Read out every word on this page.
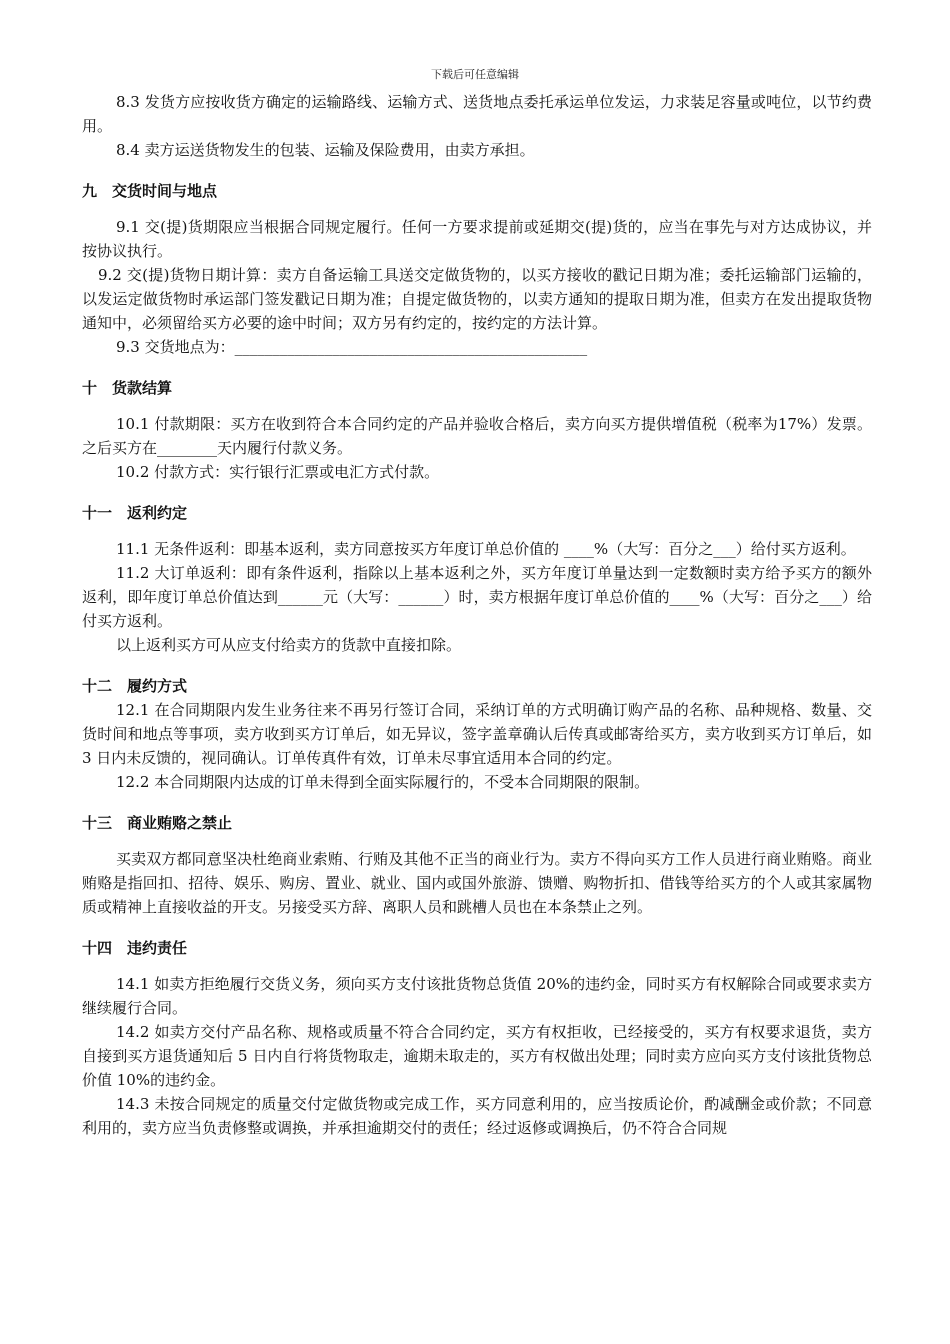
下载后可任意编辑

8.3 发货方应按收货方确定的运输路线、运输方式、送货地点委托承运单位发运，力求装足容量或吨位，以节约费用。

8.4 卖方运送货物发生的包装、运输及保险费用，由卖方承担。

九　交货时间与地点

9.1 交(提)货期限应当根据合同规定履行。任何一方要求提前或延期交(提)货的，应当在事先与对方达成协议，并按协议执行。

9.2 交(提)货物日期计算：卖方自备运输工具送交定做货物的，以买方接收的戳记日期为准；委托运输部门运输的，以发运定做货物时承运部门签发戳记日期为准；自提定做货物的，以卖方通知的提取日期为准，但卖方在发出提取货物通知中，必须留给买方必要的途中时间；双方另有约定的，按约定的方法计算。

9.3 交货地点为：_______________________________________________

十　货款结算

10.1 付款期限：买方在收到符合本合同约定的产品并验收合格后，卖方向买方提供增值税（税率为17%）发票。之后买方在________天内履行付款义务。

10.2 付款方式：实行银行汇票或电汇方式付款。

十一　返利约定

11.1 无条件返利：即基本返利，卖方同意按买方年度订单总价值的 ____%（大写：百分之___）给付买方返利。

11.2 大订单返利：即有条件返利，指除以上基本返利之外，买方年度订单量达到一定数额时卖方给予买方的额外返利，即年度订单总价值达到______元（大写：______）时，卖方根据年度订单总价值的____%（大写：百分之___）给付买方返利。

以上返利买方可从应支付给卖方的货款中直接扣除。

十二　履约方式

12.1 在合同期限内发生业务往来不再另行签订合同，采纳订单的方式明确订购产品的名称、品种规格、数量、交货时间和地点等事项，卖方收到买方订单后，如无异议，签字盖章确认后传真或邮寄给买方，卖方收到买方订单后，如 3 日内未反馈的，视同确认。订单传真件有效，订单未尽事宜适用本合同的约定。

12.2 本合同期限内达成的订单未得到全面实际履行的，不受本合同期限的限制。

十三　商业贿赂之禁止

买卖双方都同意坚决杜绝商业索贿、行贿及其他不正当的商业行为。卖方不得向买方工作人员进行商业贿赂。商业贿赂是指回扣、招待、娱乐、购房、置业、就业、国内或国外旅游、馈赠、购物折扣、借钱等给买方的个人或其家属物质或精神上直接收益的开支。另接受买方辞、离职人员和跳槽人员也在本条禁止之列。

十四　违约责任

14.1 如卖方拒绝履行交货义务，须向买方支付该批货物总货值 20%的违约金，同时买方有权解除合同或要求卖方继续履行合同。

14.2 如卖方交付产品名称、规格或质量不符合合同约定，买方有权拒收，已经接受的，买方有权要求退货，卖方自接到买方退货通知后 5 日内自行将货物取走，逾期未取走的，买方有权做出处理；同时卖方应向买方支付该批货物总价值 10%的违约金。

14.3 未按合同规定的质量交付定做货物或完成工作，买方同意利用的，应当按质论价，酌减酬金或价款；不同意利用的，卖方应当负责修整或调换，并承担逾期交付的责任；经过返修或调换后，仍不符合合同规
